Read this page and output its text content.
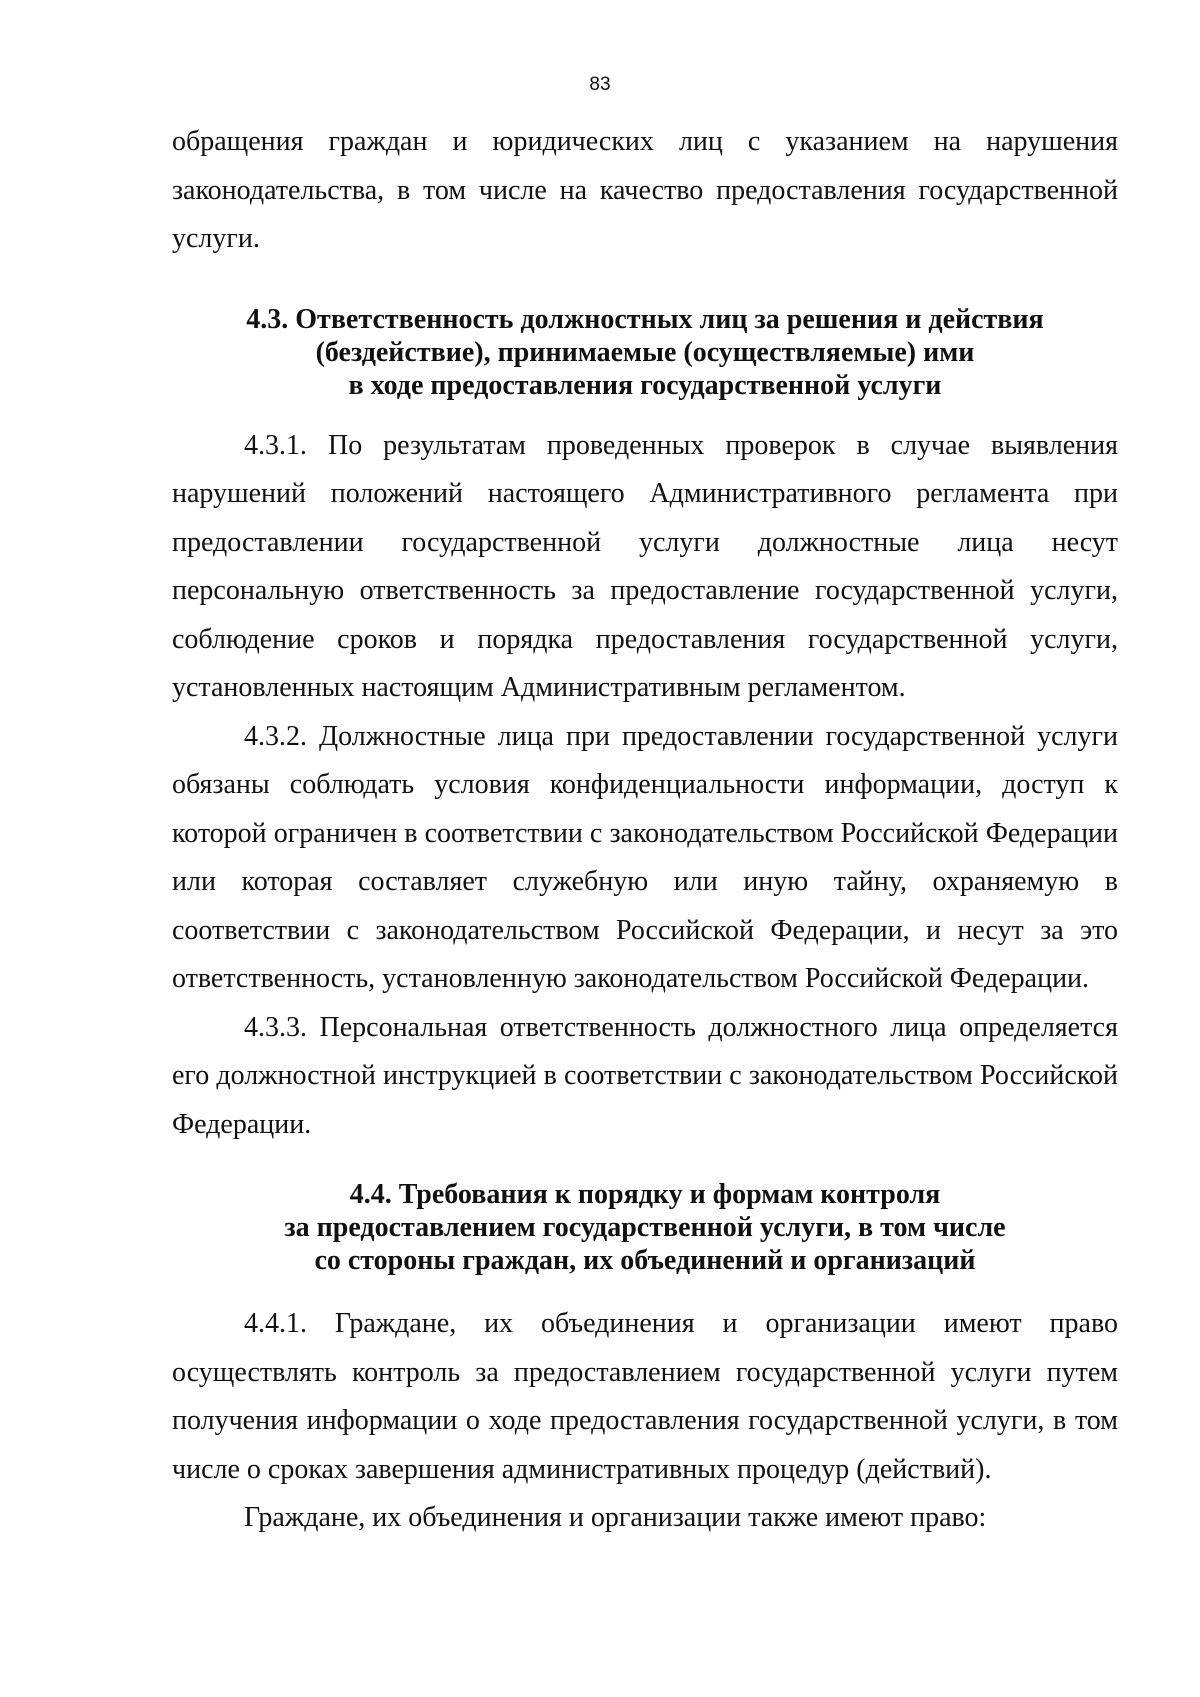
83

обращения граждан и юридических лиц с указанием на нарушения законодательства, в том числе на качество предоставления государственной услуги.

4.3. Ответственность должностных лиц за решения и действия
(бездействие), принимаемые (осуществляемые) ими
в ходе предоставления государственной услуги

4.3.1. По результатам проведенных проверок в случае выявления нарушений положений настоящего Административного регламента при предоставлении государственной услуги должностные лица несут персональную ответственность за предоставление государственной услуги, соблюдение сроков и порядка предоставления государственной услуги, установленных настоящим Административным регламентом.

4.3.2. Должностные лица при предоставлении государственной услуги обязаны соблюдать условия конфиденциальности информации, доступ к которой ограничен в соответствии с законодательством Российской Федерации или которая составляет служебную или иную тайну, охраняемую в соответствии с законодательством Российской Федерации, и несут за это ответственность, установленную законодательством Российской Федерации.

4.3.3. Персональная ответственность должностного лица определяется его должностной инструкцией в соответствии с законодательством Российской Федерации.

4.4. Требования к порядку и формам контроля
за предоставлением государственной услуги, в том числе
со стороны граждан, их объединений и организаций

4.4.1. Граждане, их объединения и организации имеют право осуществлять контроль за предоставлением государственной услуги путем получения информации о ходе предоставления государственной услуги, в том числе о сроках завершения административных процедур (действий).

Граждане, их объединения и организации также имеют право:
